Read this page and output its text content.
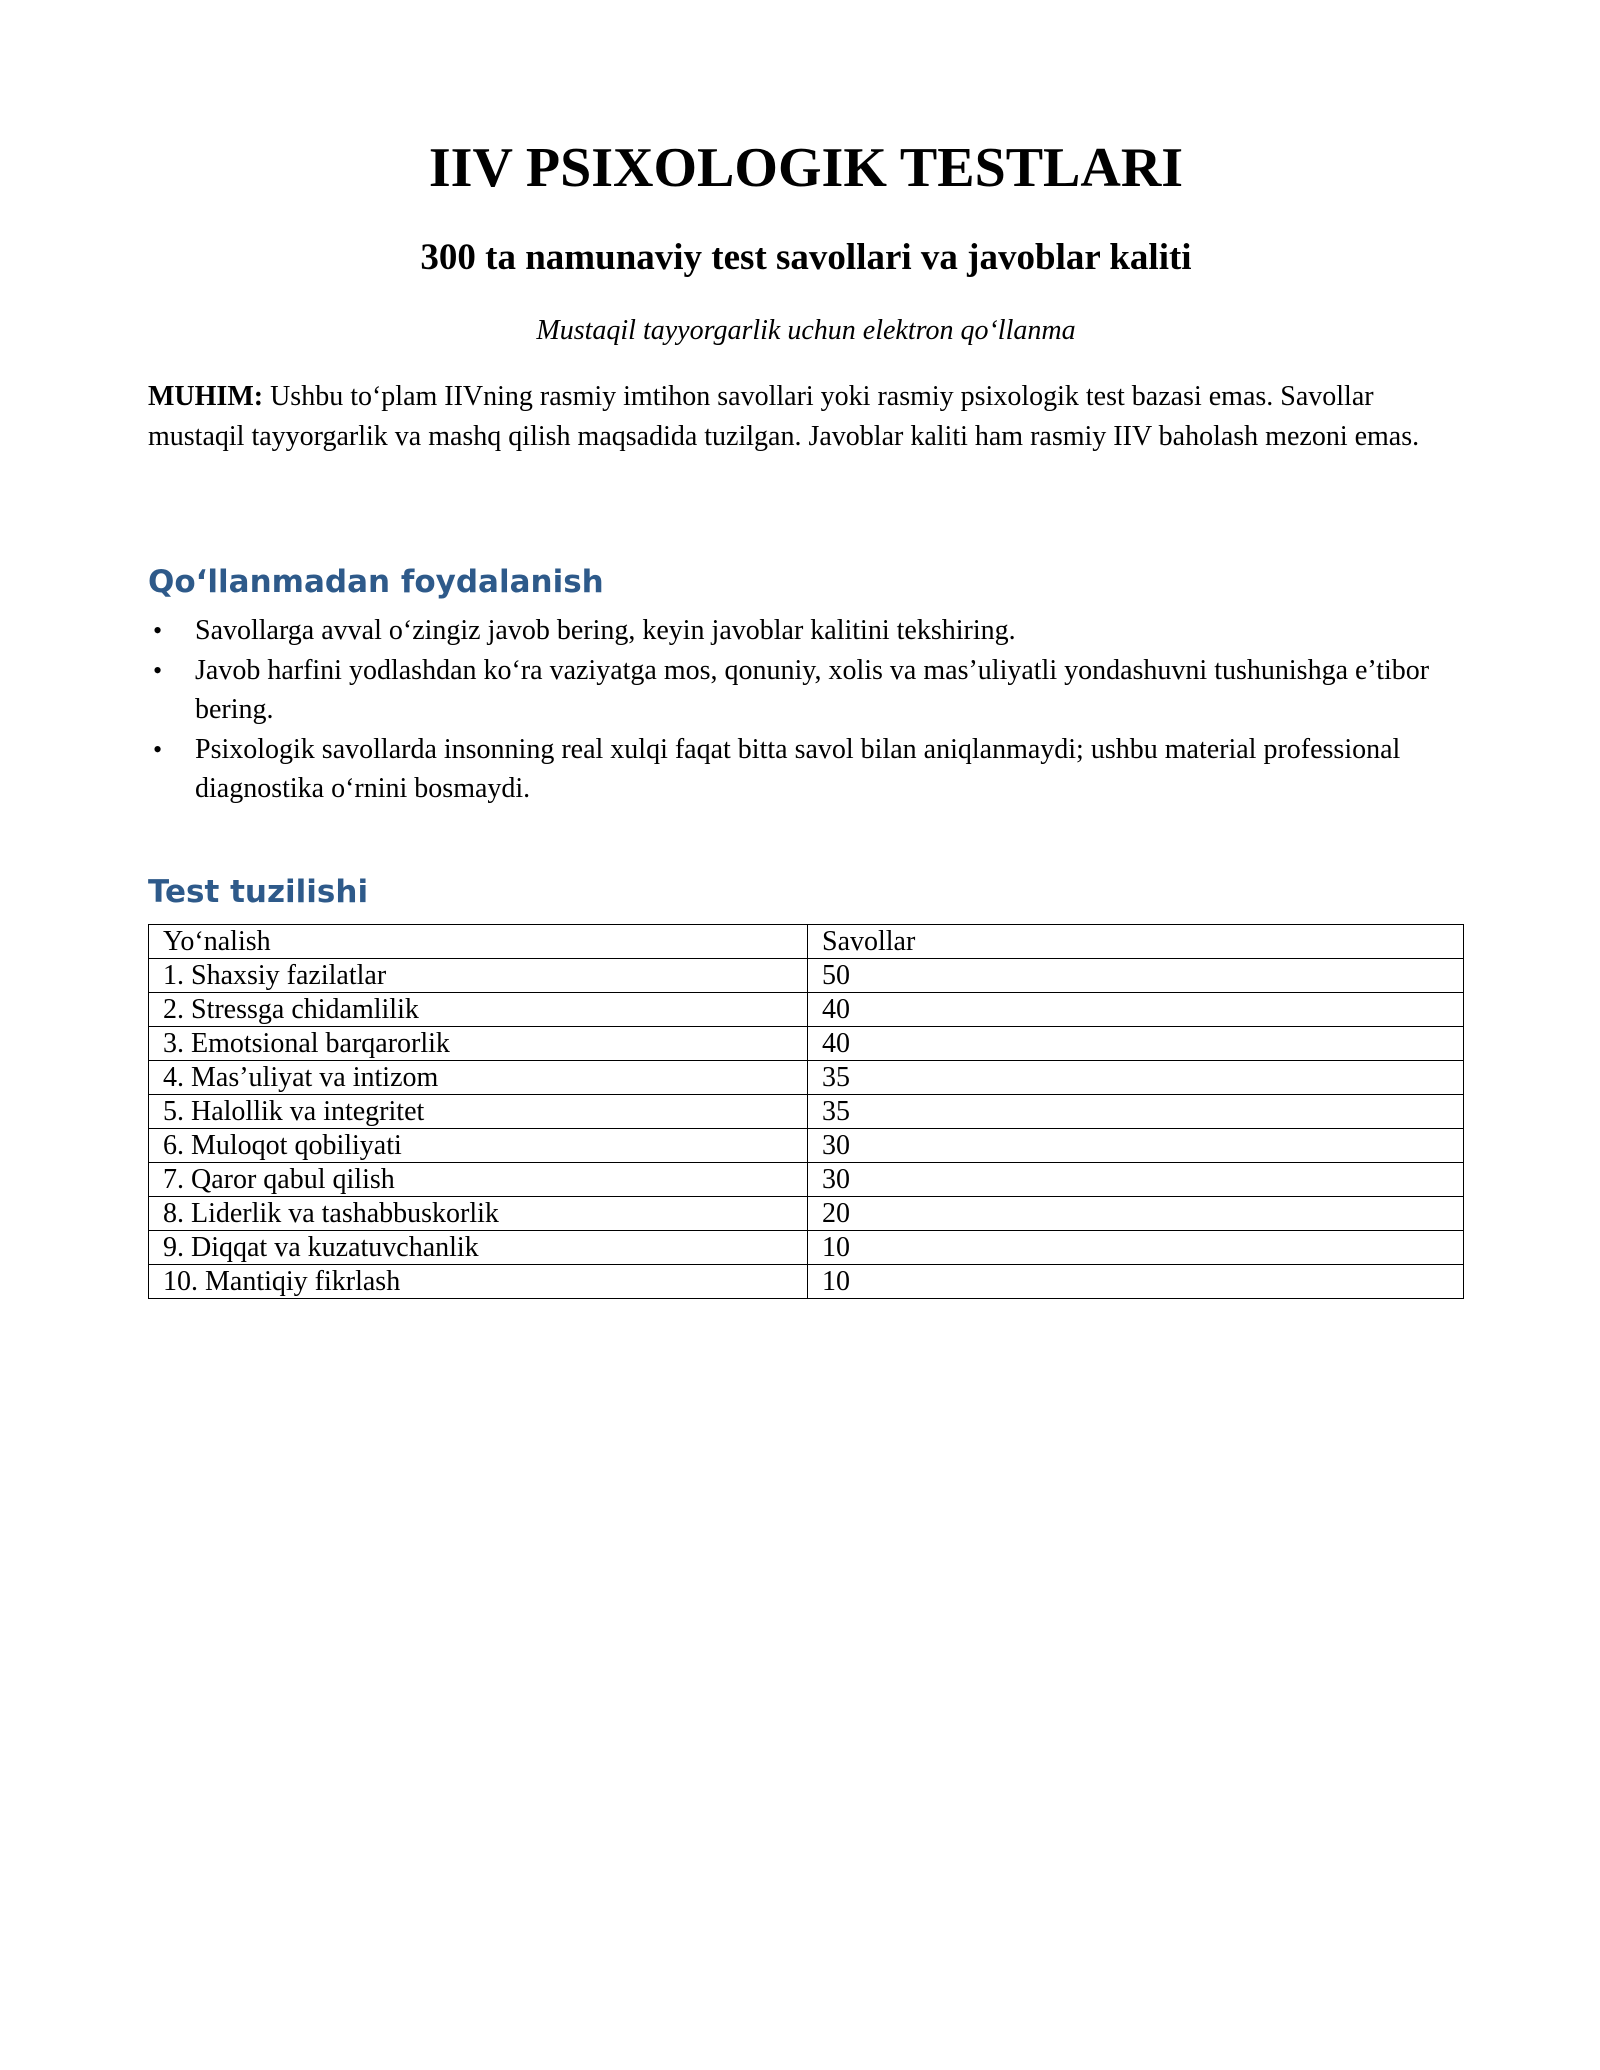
IIV PSIXOLOGIK TESTLARI
300 ta namunaviy test savollari va javoblar kaliti

Mustaqil tayyorgarlik uchun elektron qo‘llanma

MUHIM: Ushbu to‘plam IIVning rasmiy imtihon savollari yoki rasmiy psixologik test bazasi emas. Savollar mustaqil tayyorgarlik va mashq qilish maqsadida tuzilgan. Javoblar kaliti ham rasmiy IIV baholash mezoni emas.

Qo‘llanmadan foydalanish
• Savollarga avval o‘zingiz javob bering, keyin javoblar kalitini tekshiring.
• Javob harfini yodlashdan ko‘ra vaziyatga mos, qonuniy, xolis va mas’uliyatli yondashuvni tushunishga e’tibor bering.
• Psixologik savollarda insonning real xulqi faqat bitta savol bilan aniqlanmaydi; ushbu material professional diagnostika o‘rnini bosmaydi.
Test tuzilishi
Yo‘nalish	Savollar
1. Shaxsiy fazilatlar	50
2. Stressga chidamlilik	40
3. Emotsional barqarorlik	40
4. Mas’uliyat va intizom	35
5. Halollik va integritet	35
6. Muloqot qobiliyati	30
7. Qaror qabul qilish	30
8. Liderlik va tashabbuskorlik	20
9. Diqqat va kuzatuvchanlik	10
10. Mantiqiy fikrlash	10
